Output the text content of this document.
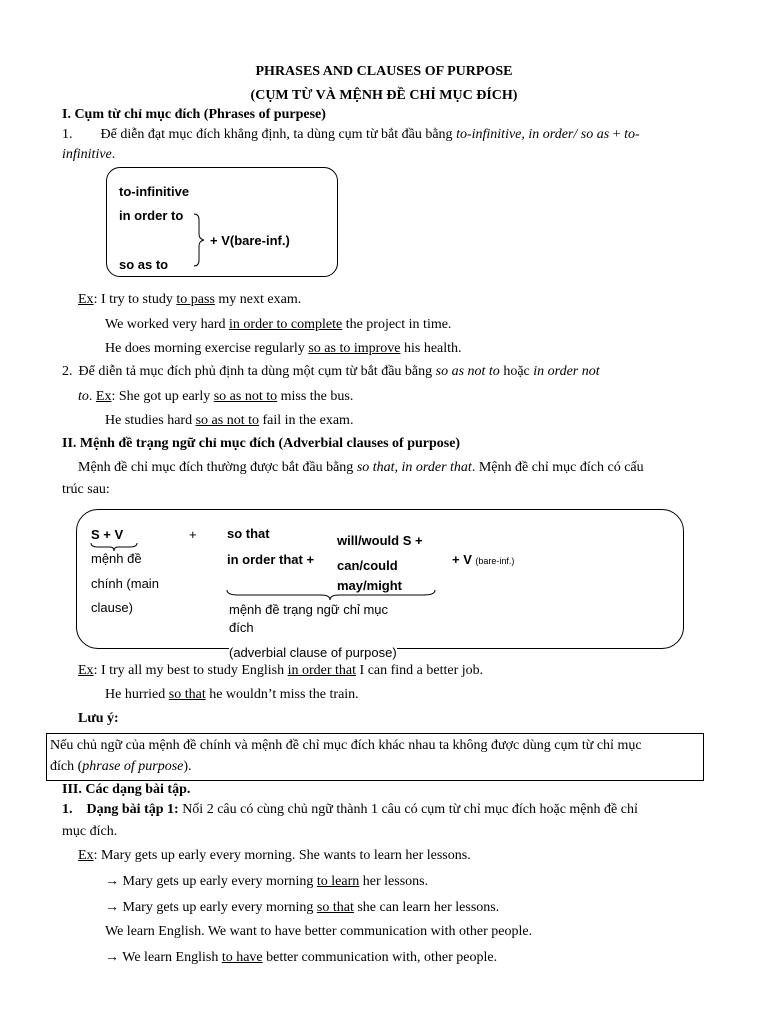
PHRASES AND CLAUSES OF PURPOSE
(CỤM TỪ VÀ MỆNH ĐỀ CHỈ MỤC ĐÍCH)
I. Cụm từ chỉ mục đích (Phrases of purpese)
1. Để diễn đạt mục đích khẳng định, ta dùng cụm từ bắt đầu bằng to-infinitive, in order/ so as + to-
infinitive.
to-infinitive
in order to
+ V(bare-inf.)
so as to
Ex: I try to study to pass my next exam.
We worked very hard in order to complete the project in time.
He does morning exercise regularly so as to improve his health.
2. Để diễn tả mục đích phủ định ta dùng một cụm từ bắt đầu bằng so as not to hoặc in order not
to. Ex: She got up early so as not to miss the bus.
He studies hard so as not to fail in the exam.
II. Mệnh đề trạng ngữ chỉ mục đích (Adverbial clauses of purpose)
Mệnh đề chỉ mục đích thường được bắt đầu bằng so that, in order that. Mệnh đề chỉ mục đích có cấu
trúc sau:
S + V	+
mệnh đề
chính (main
clause)
so that
in order that +
will/would S +
can/could
may/might
+ V (bare-inf.)
mệnh đề trạng ngữ chỉ mục
đích
(adverbial clause of purpose)
Ex: I try all my best to study English in order that I can find a better job.
He hurried so that he wouldn’t miss the train.
Lưu ý:
Nếu chủ ngữ của mệnh đề chính và mệnh đề chỉ mục đích khác nhau ta không được dùng cụm từ chỉ mục
đích (phrase of purpose).
III. Các dạng bài tập.
1. Dạng bài tập 1: Nối 2 câu có cùng chủ ngữ thành 1 câu có cụm từ chỉ mục đích hoặc mệnh đề chỉ
mục đích.
Ex: Mary gets up early every morning. She wants to learn her lessons.
→ Mary gets up early every morning to learn her lessons.
→ Mary gets up early every morning so that she can learn her lessons.
We learn English. We want to have better communication with other people.
→ We learn English to have better communication with, other people.
